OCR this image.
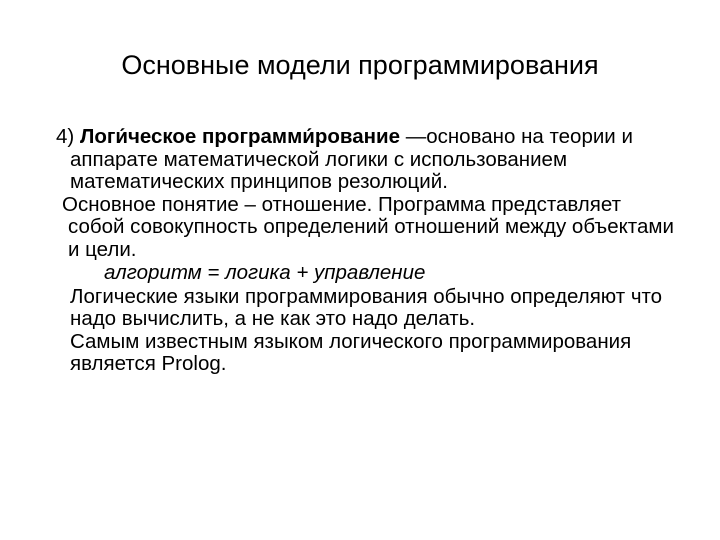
Основные модели программирования

4) Логи́ческое программи́рование —основано на теории и аппарате математической логики с использованием математических принципов резолюций.

Основное понятие – отношение. Программа представляет собой совокупность определений отношений между объектами и цели.

алгоритм = логика + управление

Логические языки программирования обычно определяют что надо вычислить, а не как это надо делать.

Самым известным языком логического программирования является Prolog.
